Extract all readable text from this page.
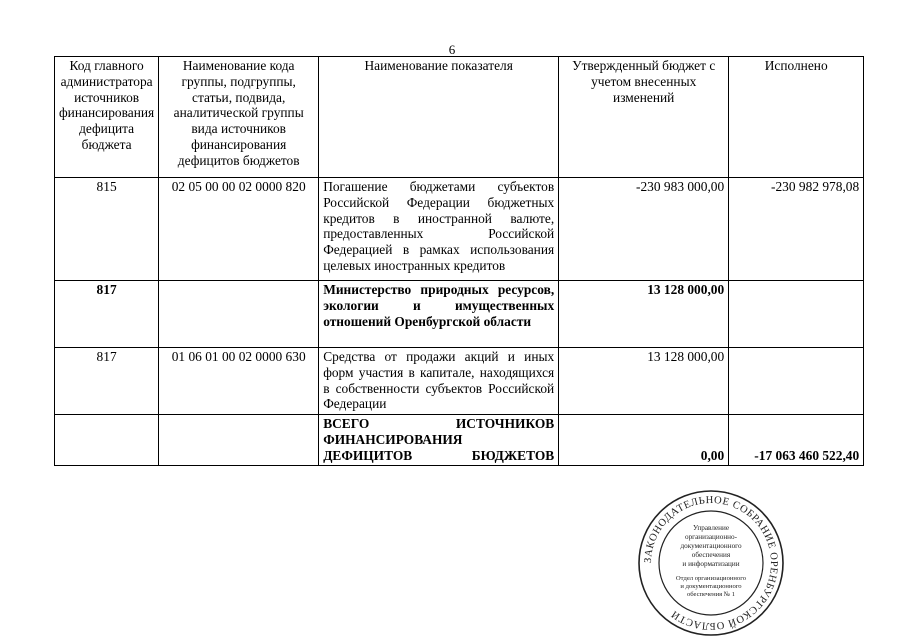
6
Код главного администратора источников финансирования дефицита бюджета	Наименование кода группы, подгруппы, статьи, подвида, аналитической группы вида источников финансирования дефицитов бюджетов	Наименование показателя	Утвержденный бюджет с учетом внесенных изменений	Исполнено
815	02 05 00 00 02 0000 820	Погашение бюджетами субъектов Российской Федерации бюджетных кредитов в иностранной валюте, предоставленных Российской Федерацией в рамках использования целевых иностранных кредитов	-230 983 000,00	-230 982 978,08
817		Министерство природных ресурсов, экологии и имущественных отношений Оренбургской области	13 128 000,00	
817	01 06 01 00 02 0000 630	Средства от продажи акций и иных форм участия в капитале, находящихся в собственности субъектов Российской Федерации	13 128 000,00	
		ВСЕГО ИСТОЧНИКОВ ФИНАНСИРОВАНИЯ ДЕФИЦИТОВ БЮДЖЕТОВ	0,00	-17 063 460 522,40
ЗАКОНОДАТЕЛЬНОЕ СОБРАНИЕ ОРЕНБУРГСКОЙ ОБЛАСТИ
Управление
организационно-
документационного
обеспечения
и информатизации
Отдел организационного
и документационного
обеспечения № 1
